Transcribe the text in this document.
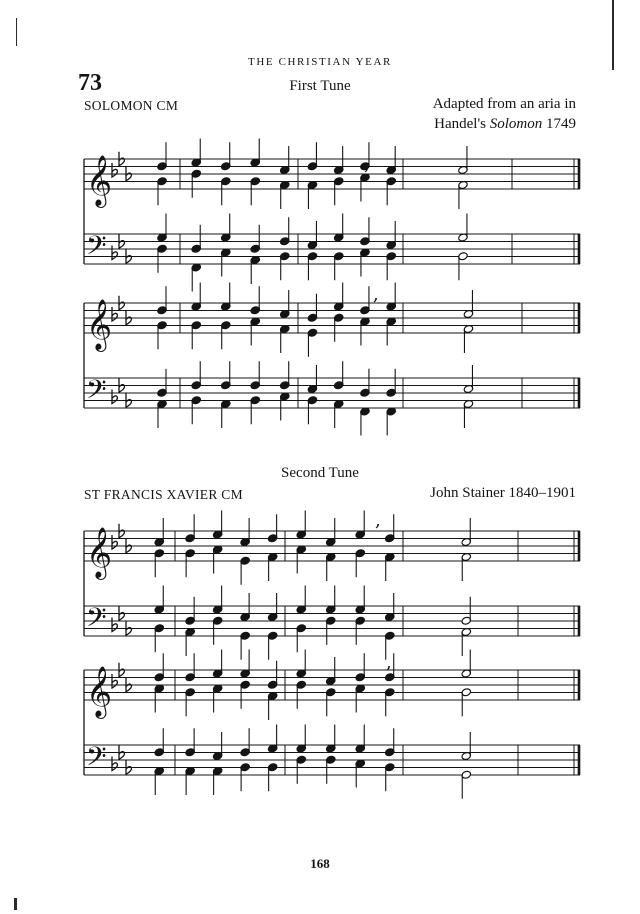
THE CHRISTIAN YEAR
73	First Tune
SOLOMON CM	Adapted from an aria in
Handel's Solomon 1749
Second Tune
ST FRANCIS XAVIER CM	John Stainer 1840–1901
𝄞
𝄢
𝄞
𝄢
𝄞
𝄢
𝄞
𝄢
,
,
,
,
168
